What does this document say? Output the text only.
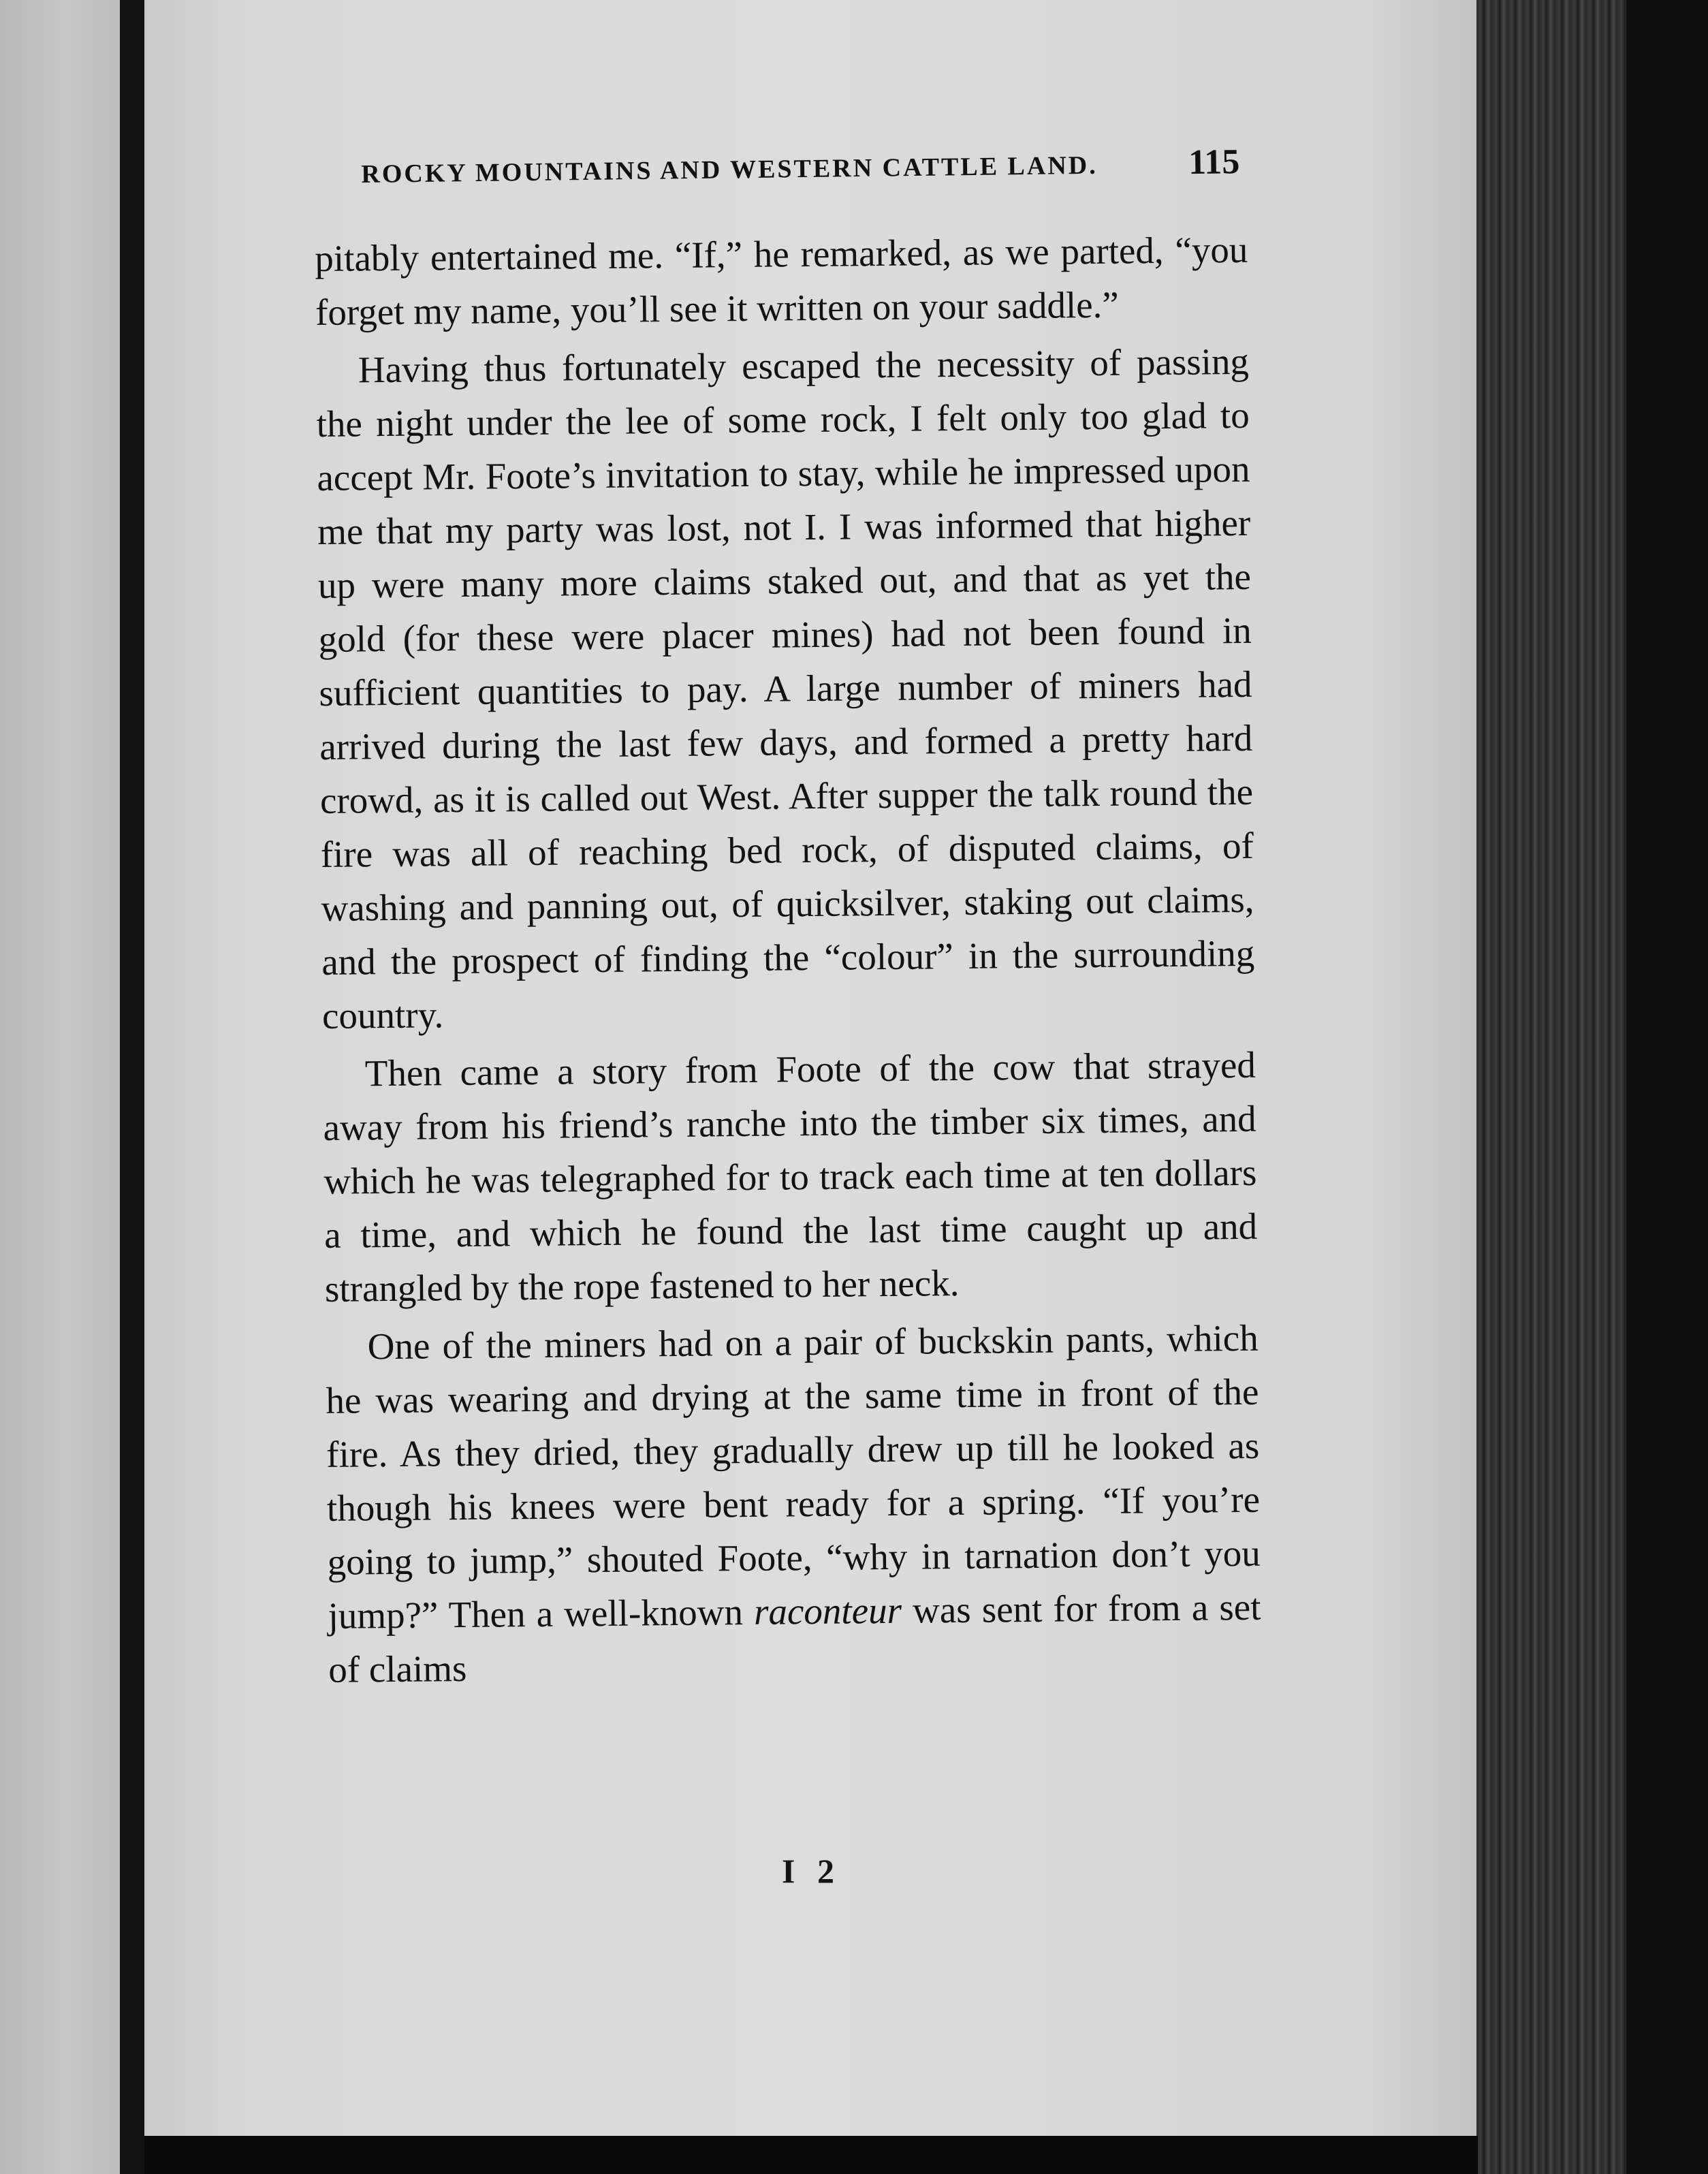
ROCKY MOUNTAINS AND WESTERN CATTLE LAND.	115

pitably entertained me. “If,” he remarked, as we parted, “you forget my name, you’ll see it written on your saddle.”

Having thus fortunately escaped the necessity of passing the night under the lee of some rock, I felt only too glad to accept Mr. Foote’s invitation to stay, while he impressed upon me that my party was lost, not I. I was informed that higher up were many more claims staked out, and that as yet the gold (for these were placer mines) had not been found in sufficient quantities to pay. A large number of miners had arrived during the last few days, and formed a pretty hard crowd, as it is called out West. After supper the talk round the fire was all of reaching bed rock, of disputed claims, of washing and panning out, of quicksilver, staking out claims, and the prospect of finding the “colour” in the surrounding country.

Then came a story from Foote of the cow that strayed away from his friend’s ranche into the timber six times, and which he was telegraphed for to track each time at ten dollars a time, and which he found the last time caught up and strangled by the rope fastened to her neck.

One of the miners had on a pair of buckskin pants, which he was wearing and drying at the same time in front of the fire. As they dried, they gradually drew up till he looked as though his knees were bent ready for a spring. “If you’re going to jump,” shouted Foote, “why in tarnation don’t you jump?” Then a well-known raconteur was sent for from a set of claims

I 2
